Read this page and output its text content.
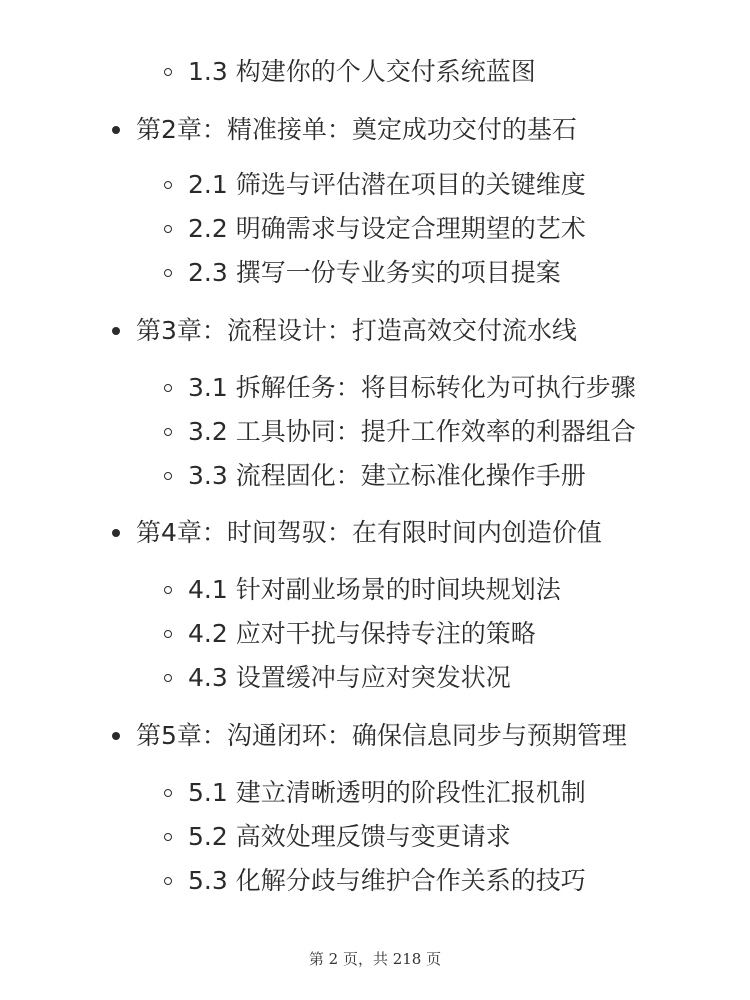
1.3 构建你的个人交付系统蓝图
第2章：精准接单：奠定成功交付的基石
2.1 筛选与评估潜在项目的关键维度
2.2 明确需求与设定合理期望的艺术
2.3 撰写一份专业务实的项目提案
第3章：流程设计：打造高效交付流水线
3.1 拆解任务：将目标转化为可执行步骤
3.2 工具协同：提升工作效率的利器组合
3.3 流程固化：建立标准化操作手册
第4章：时间驾驭：在有限时间内创造价值
4.1 针对副业场景的时间块规划法
4.2 应对干扰与保持专注的策略
4.3 设置缓冲与应对突发状况
第5章：沟通闭环：确保信息同步与预期管理
5.1 建立清晰透明的阶段性汇报机制
5.2 高效处理反馈与变更请求
5.3 化解分歧与维护合作关系的技巧
第 2 页，共 218 页
